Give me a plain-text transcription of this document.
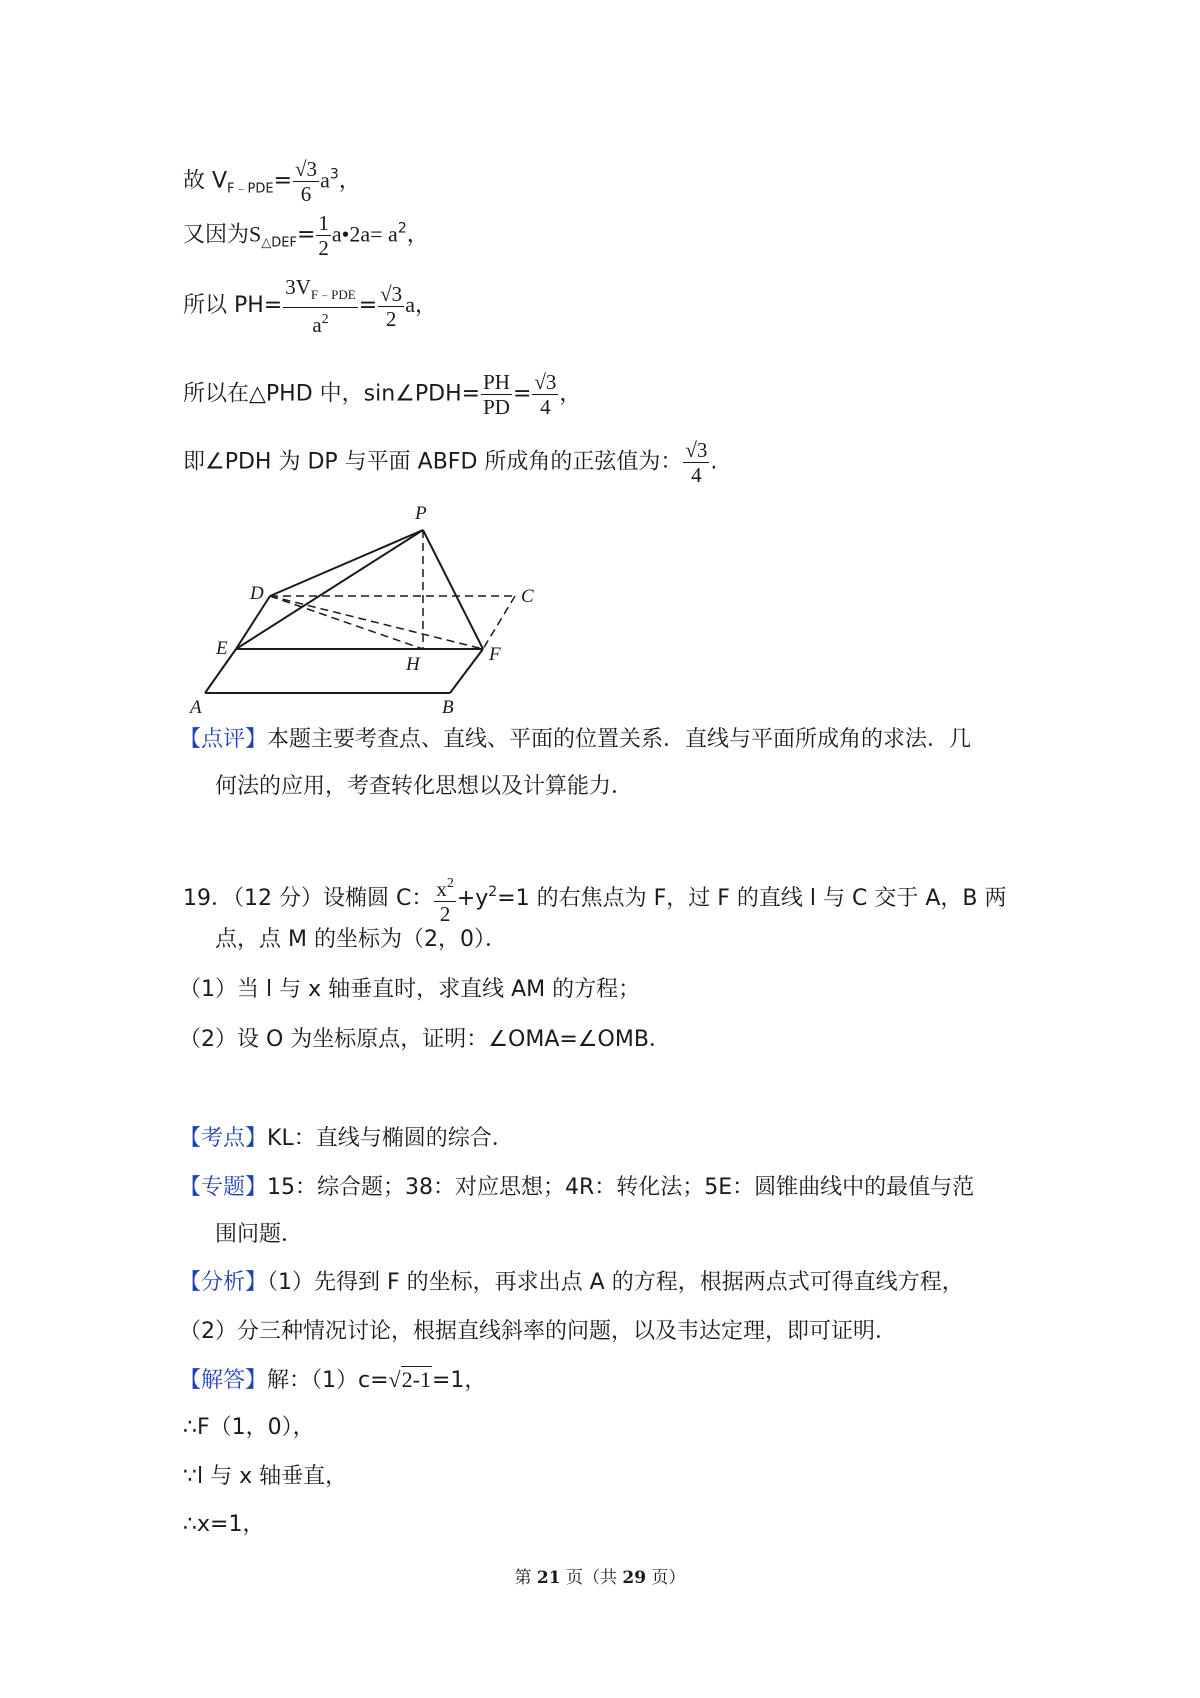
故 $V_{F﹣PDE}= \frac{√3}{6} a^3$，
又因为$S_{\triangle DEF}= \frac{1}{2}$ a•2a= $a^2$，
所以 $PH= \frac{3V_{F﹣PDE}}{a^2} = \frac{√3}{2}$ a，
所以在△PHD 中，sin∠PDH= $\frac{PH}{PD} = \frac{√3}{4}$ ，
即∠PDH 为 DP 与平面 ABFD 所成角的正弦值为： $\frac{√3}{4}$ .
P
D	C
E	F
H
A	B
【点评】本题主要考查点、直线、平面的位置关系．直线与平面所成角的求法．几
何法的应用，考查转化思想以及计算能力．
19．（12 分）设椭圆 C： $\frac{x^2}{2} +y^2=1$ 的右焦点为 F，过 F 的直线 l 与 C 交于 A，B 两
点，点 M 的坐标为（2，0）．
（1）当 l 与 x 轴垂直时，求直线 AM 的方程；
（2）设 O 为坐标原点，证明：∠OMA=∠OMB．
【考点】KL：直线与椭圆的综合．
【专题】15：综合题；38：对应思想；4R：转化法；5E：圆锥曲线中的最值与范
围问题．
【分析】（1）先得到 F 的坐标，再求出点 A 的方程，根据两点式可得直线方程，
（2）分三种情况讨论，根据直线斜率的问题，以及韦达定理，即可证明．
【解答】解：（1）c=√2-1=1，
∴F（1，0），
∵l 与 x 轴垂直，
∴x=1，
第 21 页（共 29 页）
